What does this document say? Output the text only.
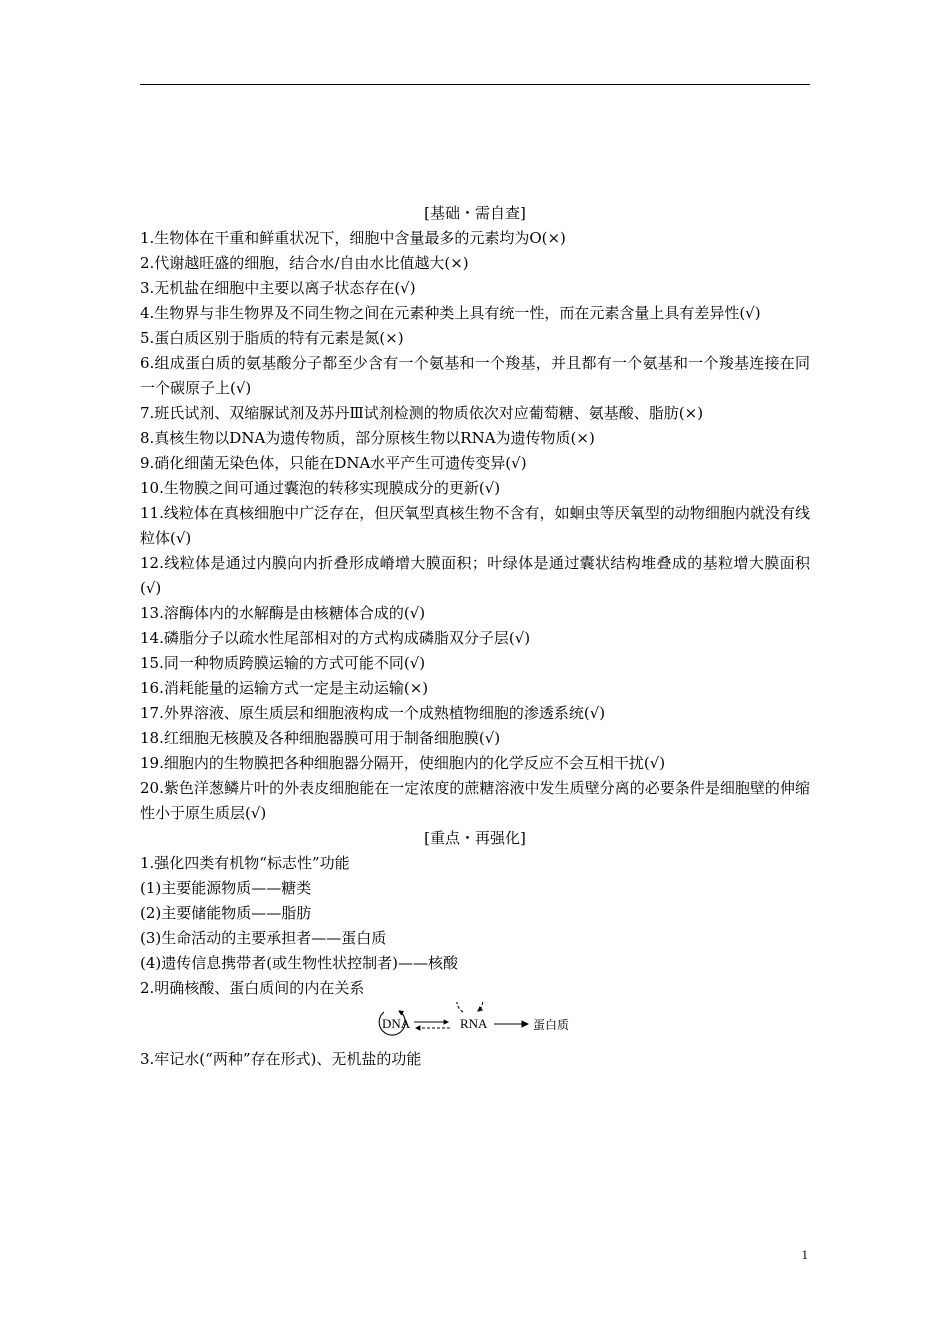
[基础・需自查]

1.生物体在干重和鲜重状况下，细胞中含量最多的元素均为O(×)

2.代谢越旺盛的细胞，结合水/自由水比值越大(×)

3.无机盐在细胞中主要以离子状态存在(√)

4.生物界与非生物界及不同生物之间在元素种类上具有统一性，而在元素含量上具有差异性(√)

5.蛋白质区别于脂质的特有元素是氮(×)

6.组成蛋白质的氨基酸分子都至少含有一个氨基和一个羧基，并且都有一个氨基和一个羧基连接在同一个碳原子上(√)

7.班氏试剂、双缩脲试剂及苏丹Ⅲ试剂检测的物质依次对应葡萄糖、氨基酸、脂肪(×)

8.真核生物以DNA为遗传物质，部分原核生物以RNA为遗传物质(×)

9.硝化细菌无染色体，只能在DNA水平产生可遗传变异(√)

10.生物膜之间可通过囊泡的转移实现膜成分的更新(√)

11.线粒体在真核细胞中广泛存在，但厌氧型真核生物不含有，如蛔虫等厌氧型的动物细胞内就没有线粒体(√)

12.线粒体是通过内膜向内折叠形成嵴增大膜面积；叶绿体是通过囊状结构堆叠成的基粒增大膜面积(√)

13.溶酶体内的水解酶是由核糖体合成的(√)

14.磷脂分子以疏水性尾部相对的方式构成磷脂双分子层(√)

15.同一种物质跨膜运输的方式可能不同(√)

16.消耗能量的运输方式一定是主动运输(×)

17.外界溶液、原生质层和细胞液构成一个成熟植物细胞的渗透系统(√)

18.红细胞无核膜及各种细胞器膜可用于制备细胞膜(√)

19.细胞内的生物膜把各种细胞器分隔开，使细胞内的化学反应不会互相干扰(√)

20.紫色洋葱鳞片叶的外表皮细胞能在一定浓度的蔗糖溶液中发生质壁分离的必要条件是细胞壁的伸缩性小于原生质层(√)

[重点・再强化]

1.强化四类有机物“标志性”功能

(1)主要能源物质——糖类

(2)主要储能物质——脂肪

(3)生命活动的主要承担者——蛋白质

(4)遗传信息携带者(或生物性状控制者)——核酸

2.明确核酸、蛋白质间的内在关系

DNA	RNA	蛋白质

3.牢记水(“两种”存在形式)、无机盐的功能

1
